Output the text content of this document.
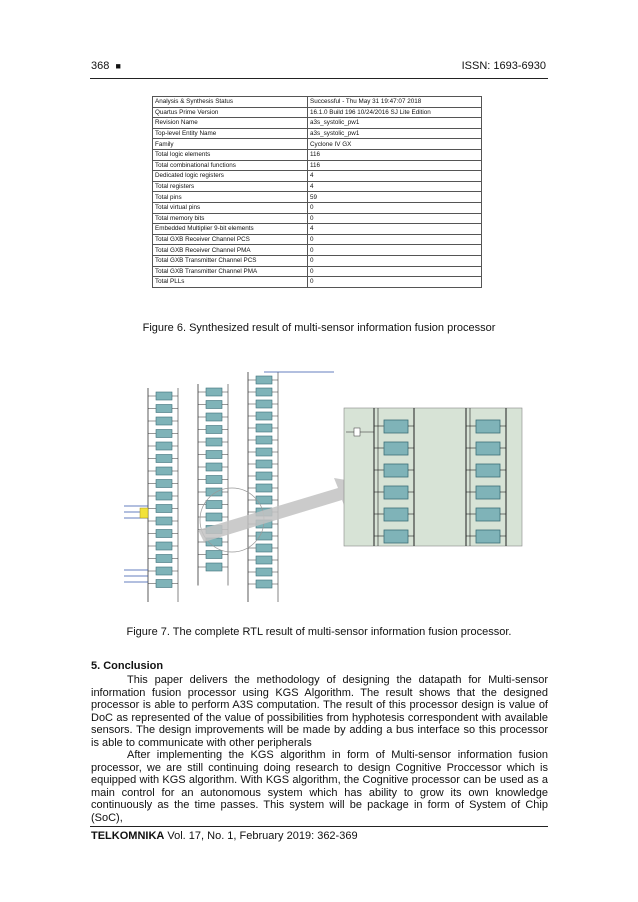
368 ■	ISSN: 1693-6930
Analysis & Synthesis Status	Successful - Thu May 31 19:47:07 2018
Quartus Prime Version	16.1.0 Build 196 10/24/2016 SJ Lite Edition
Revision Name	a3s_systolic_pw1
Top-level Entity Name	a3s_systolic_pw1
Family	Cyclone IV GX
Total logic elements	116
Total combinational functions	116
Dedicated logic registers	4
Total registers	4
Total pins	59
Total virtual pins	0
Total memory bits	0
Embedded Multiplier 9-bit elements	4
Total GXB Receiver Channel PCS	0
Total GXB Receiver Channel PMA	0
Total GXB Transmitter Channel PCS	0
Total GXB Transmitter Channel PMA	0
Total PLLs	0
Figure 6. Synthesized result of multi-sensor information fusion processor
Figure 7. The complete RTL result of multi-sensor information fusion processor.
5. Conclusion

This paper delivers the methodology of designing the datapath for Multi-sensor information fusion processor using KGS Algorithm. The result shows that the designed processor is able to perform A3S computation. The result of this processor design is value of DoC as represented of the value of possibilities from hyphotesis correspondent with available sensors. The design improvements will be made by adding a bus interface so this processor is able to communicate with other peripherals

After implementing the KGS algorithm in form of Multi-sensor information fusion processor, we are still continuing doing research to design Cognitive Proccessor which is equipped with KGS algorithm. With KGS algorithm, the Cognitive processor can be used as a main control for an autonomous system which has ability to grow its own knowledge continuously as the time passes. This system will be package in form of System of Chip (SoC),

TELKOMNIKA Vol. 17, No. 1, February 2019: 362-369
